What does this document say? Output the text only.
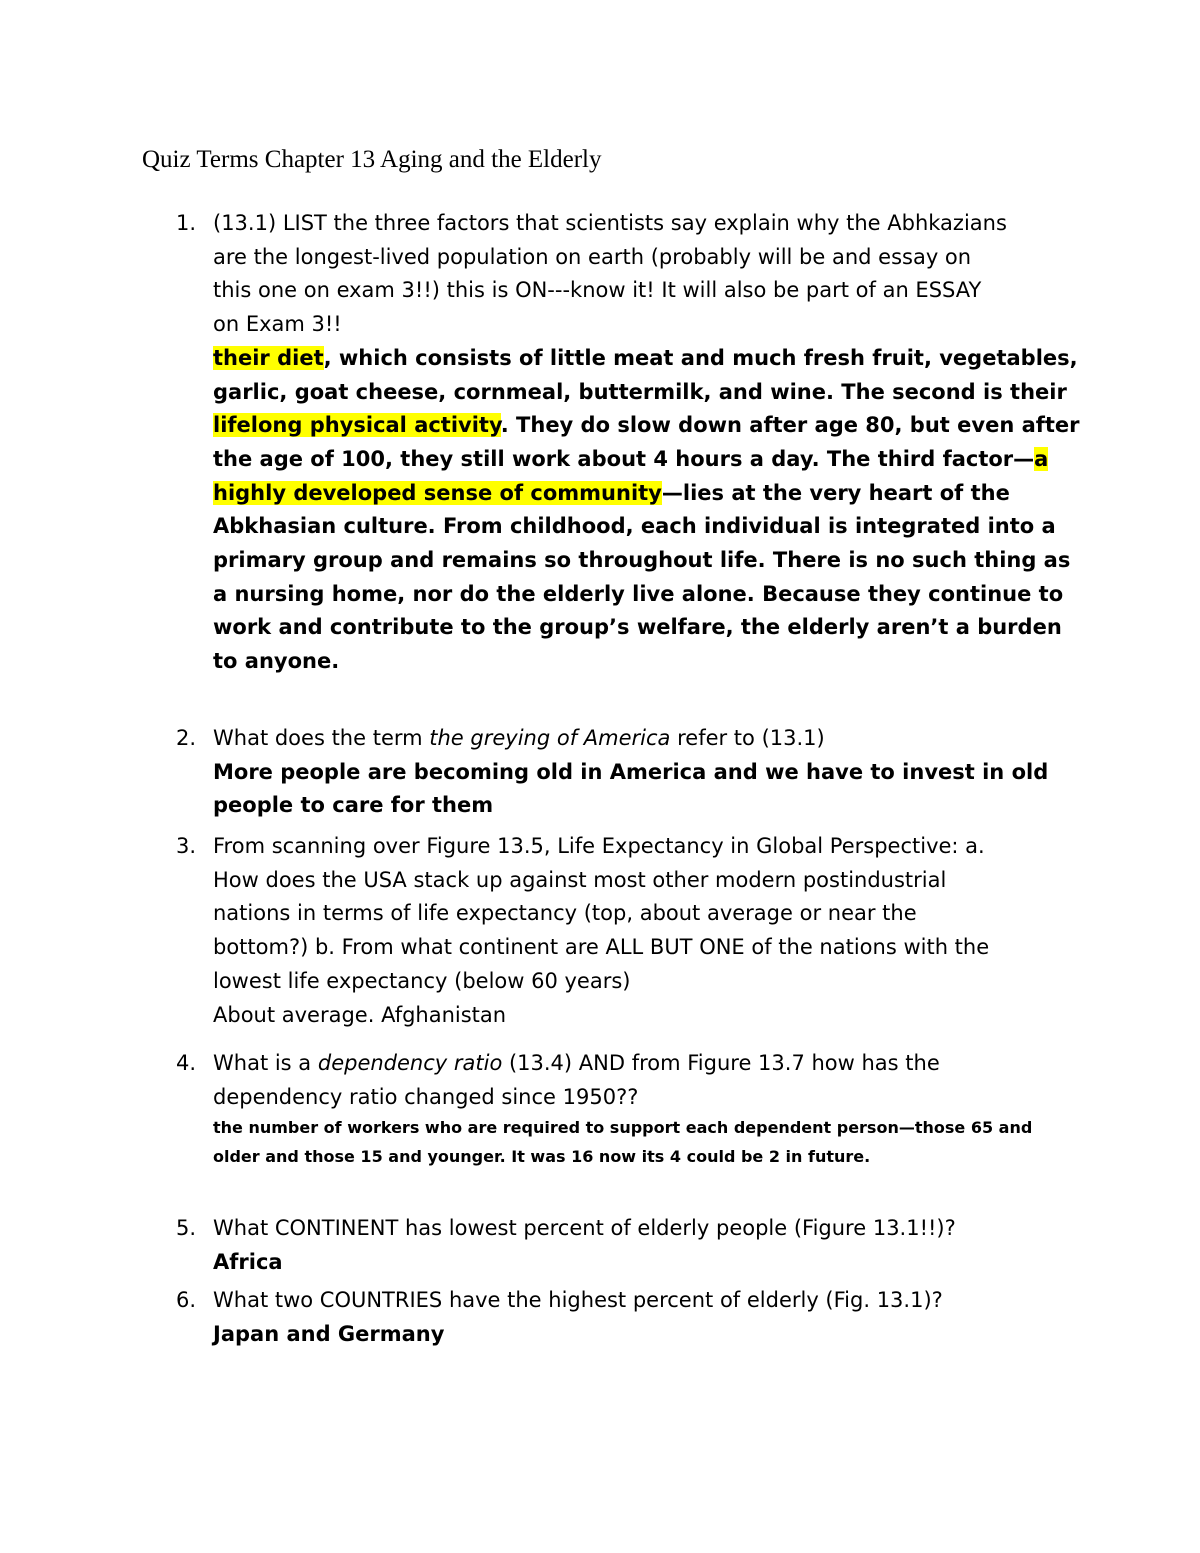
Quiz Terms Chapter 13 Aging and the Elderly
1. (13.1) LIST the three factors that scientists say explain why the Abhkazians
are the longest-lived population on earth (probably will be and essay on
this one on exam 3!!) this is ON---know it! It will also be part of an ESSAY
on Exam 3!!
their diet, which consists of little meat and much fresh fruit, vegetables,
garlic, goat cheese, cornmeal, buttermilk, and wine. The second is their
lifelong physical activity. They do slow down after age 80, but even after
the age of 100, they still work about 4 hours a day. The third factor—a
highly developed sense of community—lies at the very heart of the
Abkhasian culture. From childhood, each individual is integrated into a
primary group and remains so throughout life. There is no such thing as
a nursing home, nor do the elderly live alone. Because they continue to
work and contribute to the group’s welfare, the elderly aren’t a burden
to anyone.
2. What does the term the greying of America refer to (13.1)
More people are becoming old in America and we have to invest in old
people to care for them
3. From scanning over Figure 13.5, Life Expectancy in Global Perspective: a.
How does the USA stack up against most other modern postindustrial
nations in terms of life expectancy (top, about average or near the
bottom?) b. From what continent are ALL BUT ONE of the nations with the
lowest life expectancy (below 60 years)
About average. Afghanistan
4. What is a dependency ratio (13.4) AND from Figure 13.7 how has the
dependency ratio changed since 1950??
the number of workers who are required to support each dependent person—those 65 and
older and those 15 and younger. It was 16 now its 4 could be 2 in future.
5. What CONTINENT has lowest percent of elderly people (Figure 13.1!!)?
Africa
6. What two COUNTRIES have the highest percent of elderly (Fig. 13.1)?
Japan and Germany
